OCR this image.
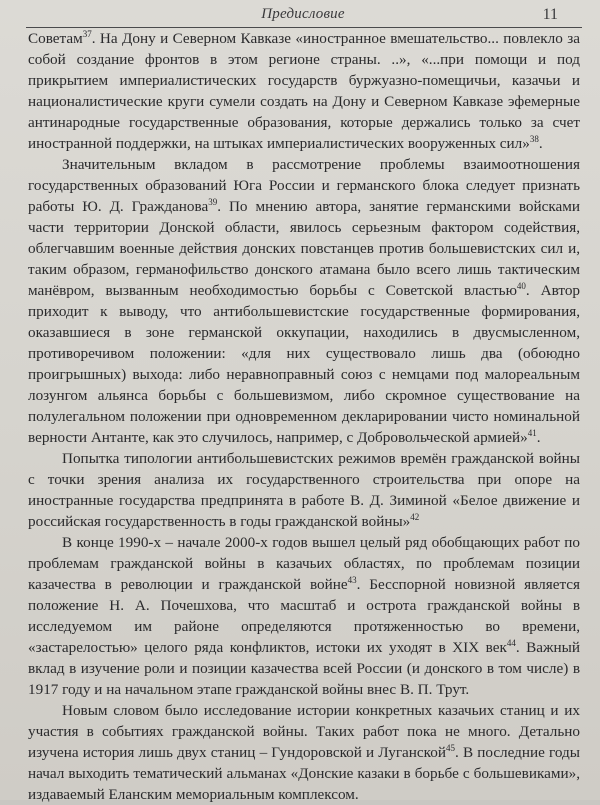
Предисловие	11

Советам$^{37}$. На Дону и Северном Кавказе «иностранное вмешательство... повлекло за собой создание фронтов в этом регионе страны. ..», «...при помощи и под прикрытием империалистических государств буржуазно-помещичьи, казачьи и националистические круги сумели создать на Дону и Северном Кавказе эфемерные антинародные государственные образования, которые держались только за счет иностранной поддержки, на штыках империалистических вооруженных сил»$^{38}$.

Значительным вкладом в рассмотрение проблемы взаимоотношения государственных образований Юга России и германского блока следует признать работы Ю. Д. Гражданова$^{39}$. По мнению автора, занятие германскими войсками части территории Донской области, явилось серьезным фактором содействия, облегчавшим военные действия донских повстанцев против большевистских сил и, таким образом, германофильство донского атамана было всего лишь тактическим манёвром, вызванным необходимостью борьбы с Советской властью$^{40}$. Автор приходит к выводу, что антибольшевистские государственные формирования, оказавшиеся в зоне германской оккупации, находились в двусмысленном, противоречивом положении: «для них существовало лишь два (обоюдно проигрышных) выхода: либо неравноправный союз с немцами под малореальным лозунгом альянса борьбы с большевизмом, либо скромное существование на полулегальном положении при одновременном декларировании чисто номинальной верности Антанте, как это случилось, например, с Добровольческой армией»$^{41}$.

Попытка типологии антибольшевистских режимов времён гражданской войны с точки зрения анализа их государственного строительства при опоре на иностранные государства предпринята в работе В. Д. Зиминой «Белое движение и российская государственность в годы гражданской войны»$^{42}$

В конце 1990-х – начале 2000-х годов вышел целый ряд обобщающих работ по проблемам гражданской войны в казачьих областях, по проблемам позиции казачества в революции и гражданской войне$^{43}$. Бесспорной новизной является положение Н. А. Почешхова, что масштаб и острота гражданской войны в исследуемом им районе определяются протяженностью во времени, «застарелостью» целого ряда конфликтов, истоки их уходят в XIX век$^{44}$. Важный вклад в изучение роли и позиции казачества всей России (и донского в том числе) в 1917 году и на начальном этапе гражданской войны внес В. П. Трут.

Новым словом было исследование истории конкретных казачьих станиц и их участия в событиях гражданской войны. Таких работ пока не много. Детально изучена история лишь двух станиц – Гундоровской и Луганской$^{45}$. В последние годы начал выходить тематический альманах «Донские казаки в борьбе с большевиками», издаваемый Еланским мемориальным комплексом.
